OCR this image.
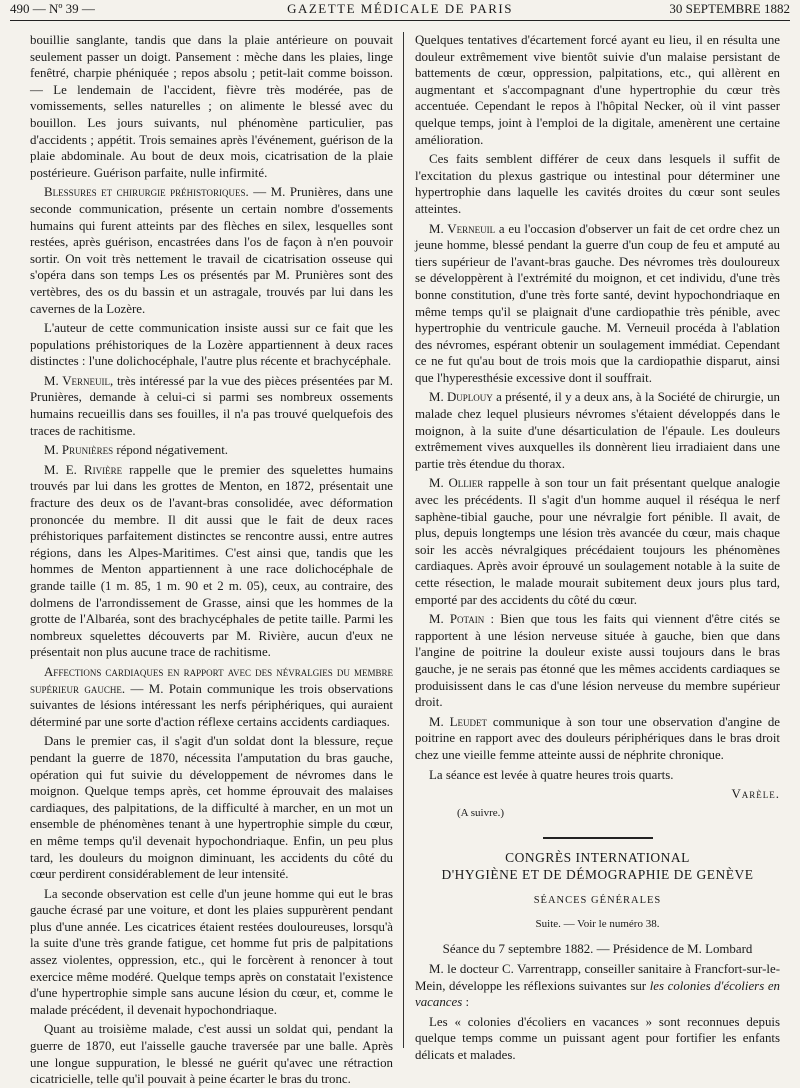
490 — Nº 39 —	GAZETTE MÉDICALE DE PARIS	30 SEPTEMBRE 1882

bouillie sanglante, tandis que dans la plaie antérieure on pouvait seulement passer un doigt. Pansement : mèche dans les plaies, linge fenêtré, charpie phéniquée ; repos absolu ; petit-lait comme boisson. — Le lendemain de l'accident, fièvre très modérée, pas de vomissements, selles naturelles ; on alimente le blessé avec du bouillon. Les jours suivants, nul phénomène particulier, pas d'accidents ; appétit. Trois semaines après l'événement, guérison de la plaie abdominale. Au bout de deux mois, cicatrisation de la plaie postérieure. Guérison parfaite, nulle infirmité.

Blessures et chirurgie préhistoriques. — M. Prunières, dans une seconde communication, présente un certain nombre d'ossements humains qui furent atteints par des flèches en silex, lesquelles sont restées, après guérison, encastrées dans l'os de façon à n'en pouvoir sortir. On voit très nettement le travail de cicatrisation osseuse qui s'opéra dans son temps Les os présentés par M. Prunières sont des vertèbres, des os du bassin et un astragale, trouvés par lui dans les cavernes de la Lozère.

L'auteur de cette communication insiste aussi sur ce fait que les populations préhistoriques de la Lozère appartiennent à deux races distinctes : l'une dolichocéphale, l'autre plus récente et brachycéphale.

M. Verneuil, très intéressé par la vue des pièces présentées par M. Prunières, demande à celui-ci si parmi ses nombreux ossements humains recueillis dans ses fouilles, il n'a pas trouvé quelquefois des traces de rachitisme.

M. Prunières répond négativement.

M. E. Rivière rappelle que le premier des squelettes humains trouvés par lui dans les grottes de Menton, en 1872, présentait une fracture des deux os de l'avant-bras consolidée, avec déformation prononcée du membre. Il dit aussi que le fait de deux races préhistoriques parfaitement distinctes se rencontre aussi, entre autres régions, dans les Alpes-Maritimes. C'est ainsi que, tandis que les hommes de Menton appartiennent à une race dolichocéphale de grande taille (1 m. 85, 1 m. 90 et 2 m. 05), ceux, au contraire, des dolmens de l'arrondissement de Grasse, ainsi que les hommes de la grotte de l'Albaréa, sont des brachycéphales de petite taille. Parmi les nombreux squelettes découverts par M. Rivière, aucun d'eux ne présentait non plus aucune trace de rachitisme.

Affections cardiaques en rapport avec des névralgies du membre supérieur gauche. — M. Potain communique les trois observations suivantes de lésions intéressant les nerfs périphériques, qui auraient déterminé par une sorte d'action réflexe certains accidents cardiaques.

Dans le premier cas, il s'agit d'un soldat dont la blessure, reçue pendant la guerre de 1870, nécessita l'amputation du bras gauche, opération qui fut suivie du développement de névromes dans le moignon. Quelque temps après, cet homme éprouvait des malaises cardiaques, des palpitations, de la difficulté à marcher, en un mot un ensemble de phénomènes tenant à une hypertrophie simple du cœur, en même temps qu'il devenait hypochondriaque. Enfin, un peu plus tard, les douleurs du moignon diminuant, les accidents du côté du cœur perdirent considérablement de leur intensité.

La seconde observation est celle d'un jeune homme qui eut le bras gauche écrasé par une voiture, et dont les plaies suppurèrent pendant plus d'une année. Les cicatrices étaient restées douloureuses, lorsqu'à la suite d'une très grande fatigue, cet homme fut pris de palpitations assez violentes, oppression, etc., qui le forcèrent à renoncer à tout exercice même modéré. Quelque temps après on constatait l'existence d'une hypertrophie simple sans aucune lésion du cœur, et, comme le malade précédent, il devenait hypochondriaque.

Quant au troisième malade, c'est aussi un soldat qui, pendant la guerre de 1870, eut l'aisselle gauche traversée par une balle. Après une longue suppuration, le blessé ne guérit qu'avec une rétraction cicatricielle, telle qu'il pouvait à peine écarter le bras du tronc.

Quelques tentatives d'écartement forcé ayant eu lieu, il en résulta une douleur extrêmement vive bientôt suivie d'un malaise persistant de battements de cœur, oppression, palpitations, etc., qui allèrent en augmentant et s'accompagnant d'une hypertrophie du cœur très accentuée. Cependant le repos à l'hôpital Necker, où il vint passer quelque temps, joint à l'emploi de la digitale, amenèrent une certaine amélioration.

Ces faits semblent différer de ceux dans lesquels il suffit de l'excitation du plexus gastrique ou intestinal pour déterminer une hypertrophie dans laquelle les cavités droites du cœur sont seules atteintes.

M. Verneuil a eu l'occasion d'observer un fait de cet ordre chez un jeune homme, blessé pendant la guerre d'un coup de feu et amputé au tiers supérieur de l'avant-bras gauche. Des névromes très douloureux se développèrent à l'extrémité du moignon, et cet individu, d'une très bonne constitution, d'une très forte santé, devint hypochondriaque en même temps qu'il se plaignait d'une cardiopathie très pénible, avec hypertrophie du ventricule gauche. M. Verneuil procéda à l'ablation des névromes, espérant obtenir un soulagement immédiat. Cependant ce ne fut qu'au bout de trois mois que la cardiopathie disparut, ainsi que l'hyperesthésie excessive dont il souffrait.

M. Duplouy a présenté, il y a deux ans, à la Société de chirurgie, un malade chez lequel plusieurs névromes s'étaient développés dans le moignon, à la suite d'une désarticulation de l'épaule. Les douleurs extrêmement vives auxquelles ils donnèrent lieu irradiaient dans une partie très étendue du thorax.

M. Ollier rappelle à son tour un fait présentant quelque analogie avec les précédents. Il s'agit d'un homme auquel il réséqua le nerf saphène-tibial gauche, pour une névralgie fort pénible. Il avait, de plus, depuis longtemps une lésion très avancée du cœur, mais chaque soir les accès névralgiques précédaient toujours les phénomènes cardiaques. Après avoir éprouvé un soulagement notable à la suite de cette résection, le malade mourait subitement deux jours plus tard, emporté par des accidents du côté du cœur.

M. Potain : Bien que tous les faits qui viennent d'être cités se rapportent à une lésion nerveuse située à gauche, bien que dans l'angine de poitrine la douleur existe aussi toujours dans le bras gauche, je ne serais pas étonné que les mêmes accidents cardiaques se produisissent dans le cas d'une lésion nerveuse du membre supérieur droit.

M. Leudet communique à son tour une observation d'angine de poitrine en rapport avec des douleurs périphériques dans le bras droit chez une vieille femme atteinte aussi de néphrite chronique.

La séance est levée à quatre heures trois quarts.

Varèle.
(A suivre.)
CONGRÈS INTERNATIONAL
D'HYGIÈNE ET DE DÉMOGRAPHIE DE GENÈVE
SÉANCES GÉNÉRALES
Suite. — Voir le numéro 38.
Séance du 7 septembre 1882. — Présidence de M. Lombard

M. le docteur C. Varrentrapp, conseiller sanitaire à Francfort-sur-le-Mein, développe les réflexions suivantes sur les colonies d'écoliers en vacances :

Les « colonies d'écoliers en vacances » sont reconnues depuis quelque temps comme un puissant agent pour fortifier les enfants délicats et malades.
